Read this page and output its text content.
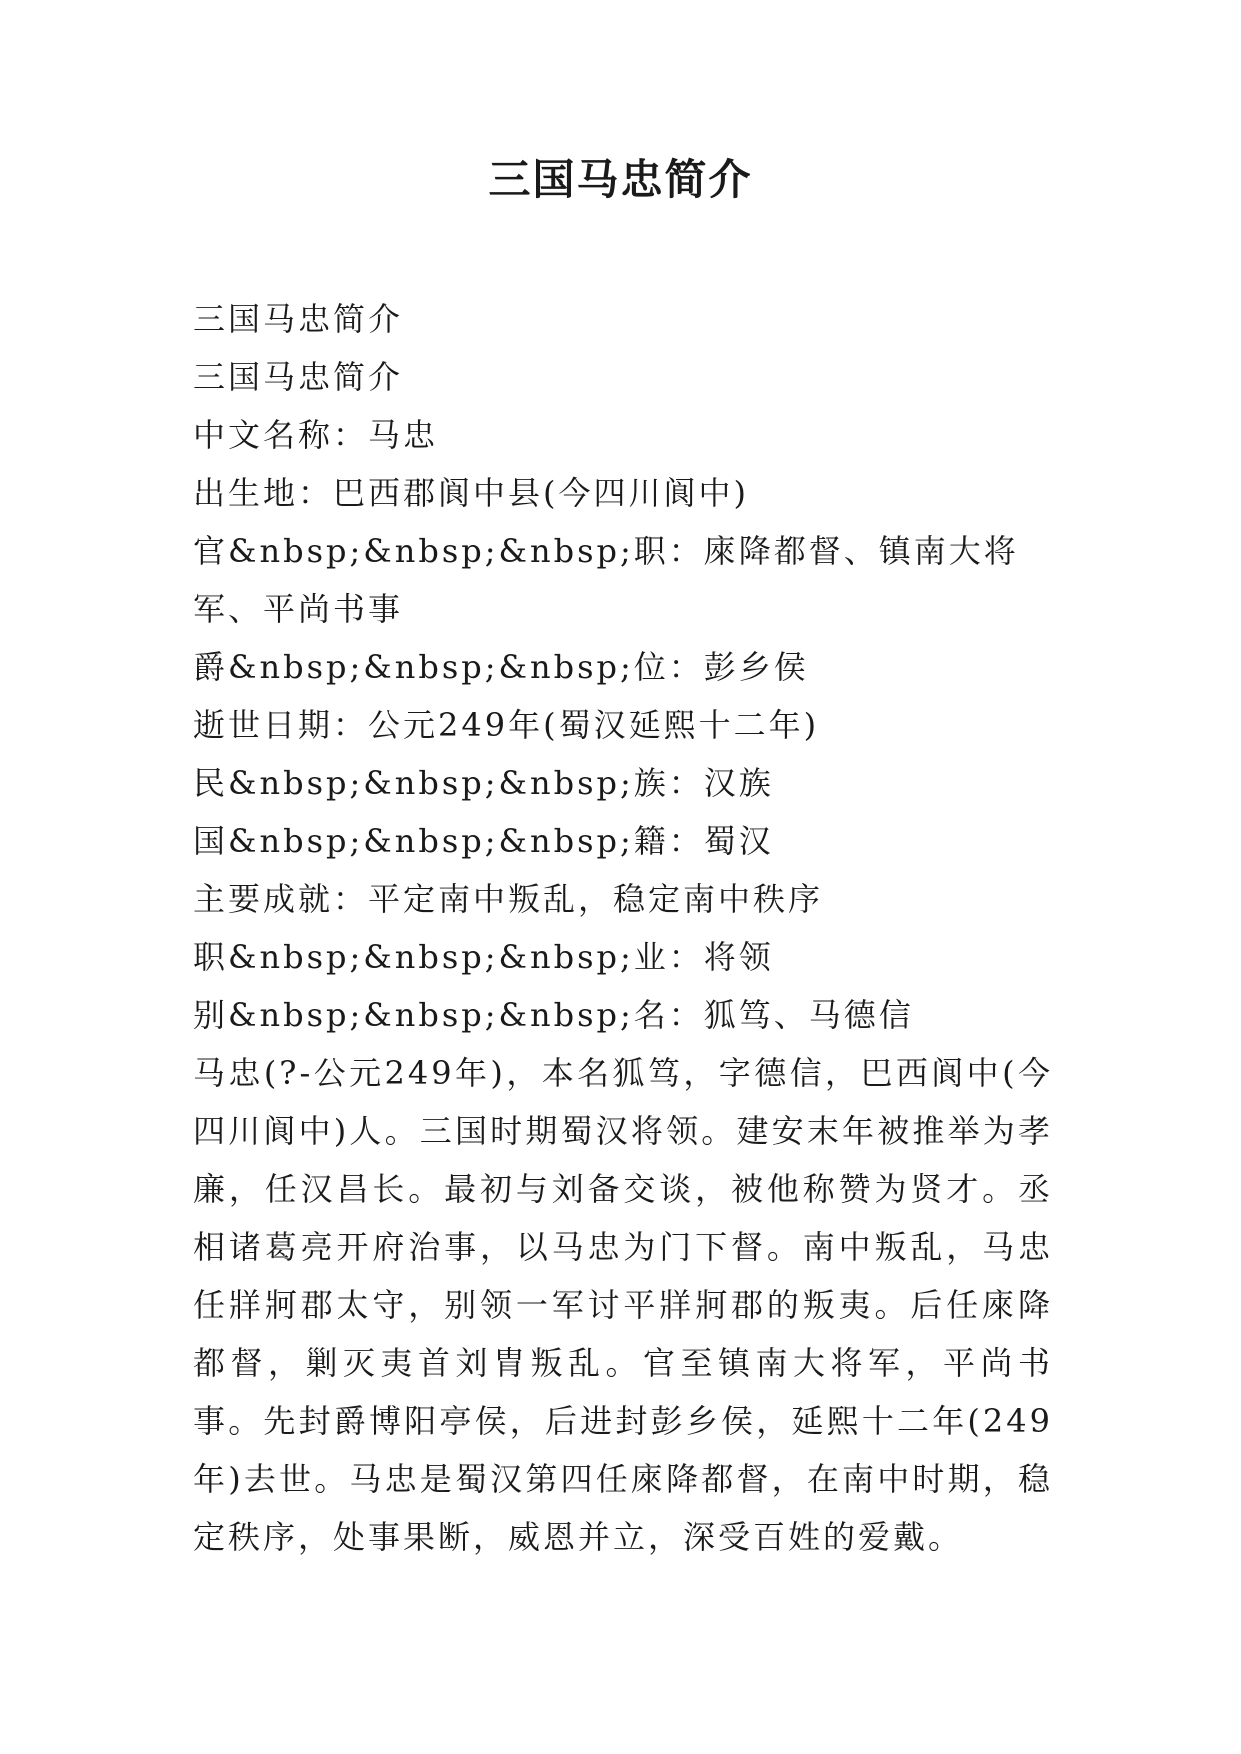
三国马忠简介

三国马忠简介

三国马忠简介

中文名称：马忠

出生地：巴西郡阆中县(今四川阆中)

官&nbsp;&nbsp;&nbsp;职：庲降都督、镇南大将军、平尚书事

爵&nbsp;&nbsp;&nbsp;位：彭乡侯

逝世日期：公元249年(蜀汉延熙十二年)

民&nbsp;&nbsp;&nbsp;族：汉族

国&nbsp;&nbsp;&nbsp;籍：蜀汉

主要成就：平定南中叛乱，稳定南中秩序

职&nbsp;&nbsp;&nbsp;业：将领

别&nbsp;&nbsp;&nbsp;名：狐笃、马德信

马忠(?-公元249年)，本名狐笃，字德信，巴西阆中(今四川阆中)人。三国时期蜀汉将领。建安末年被推举为孝廉，任汉昌长。最初与刘备交谈，被他称赞为贤才。丞相诸葛亮开府治事，以马忠为门下督。南中叛乱，马忠任牂牁郡太守，别领一军讨平牂牁郡的叛夷。后任庲降都督，剿灭夷首刘胄叛乱。官至镇南大将军，平尚书事。先封爵博阳亭侯，后进封彭乡侯，延熙十二年(249年)去世。马忠是蜀汉第四任庲降都督，在南中时期，稳定秩序，处事果断，威恩并立，深受百姓的爱戴。
